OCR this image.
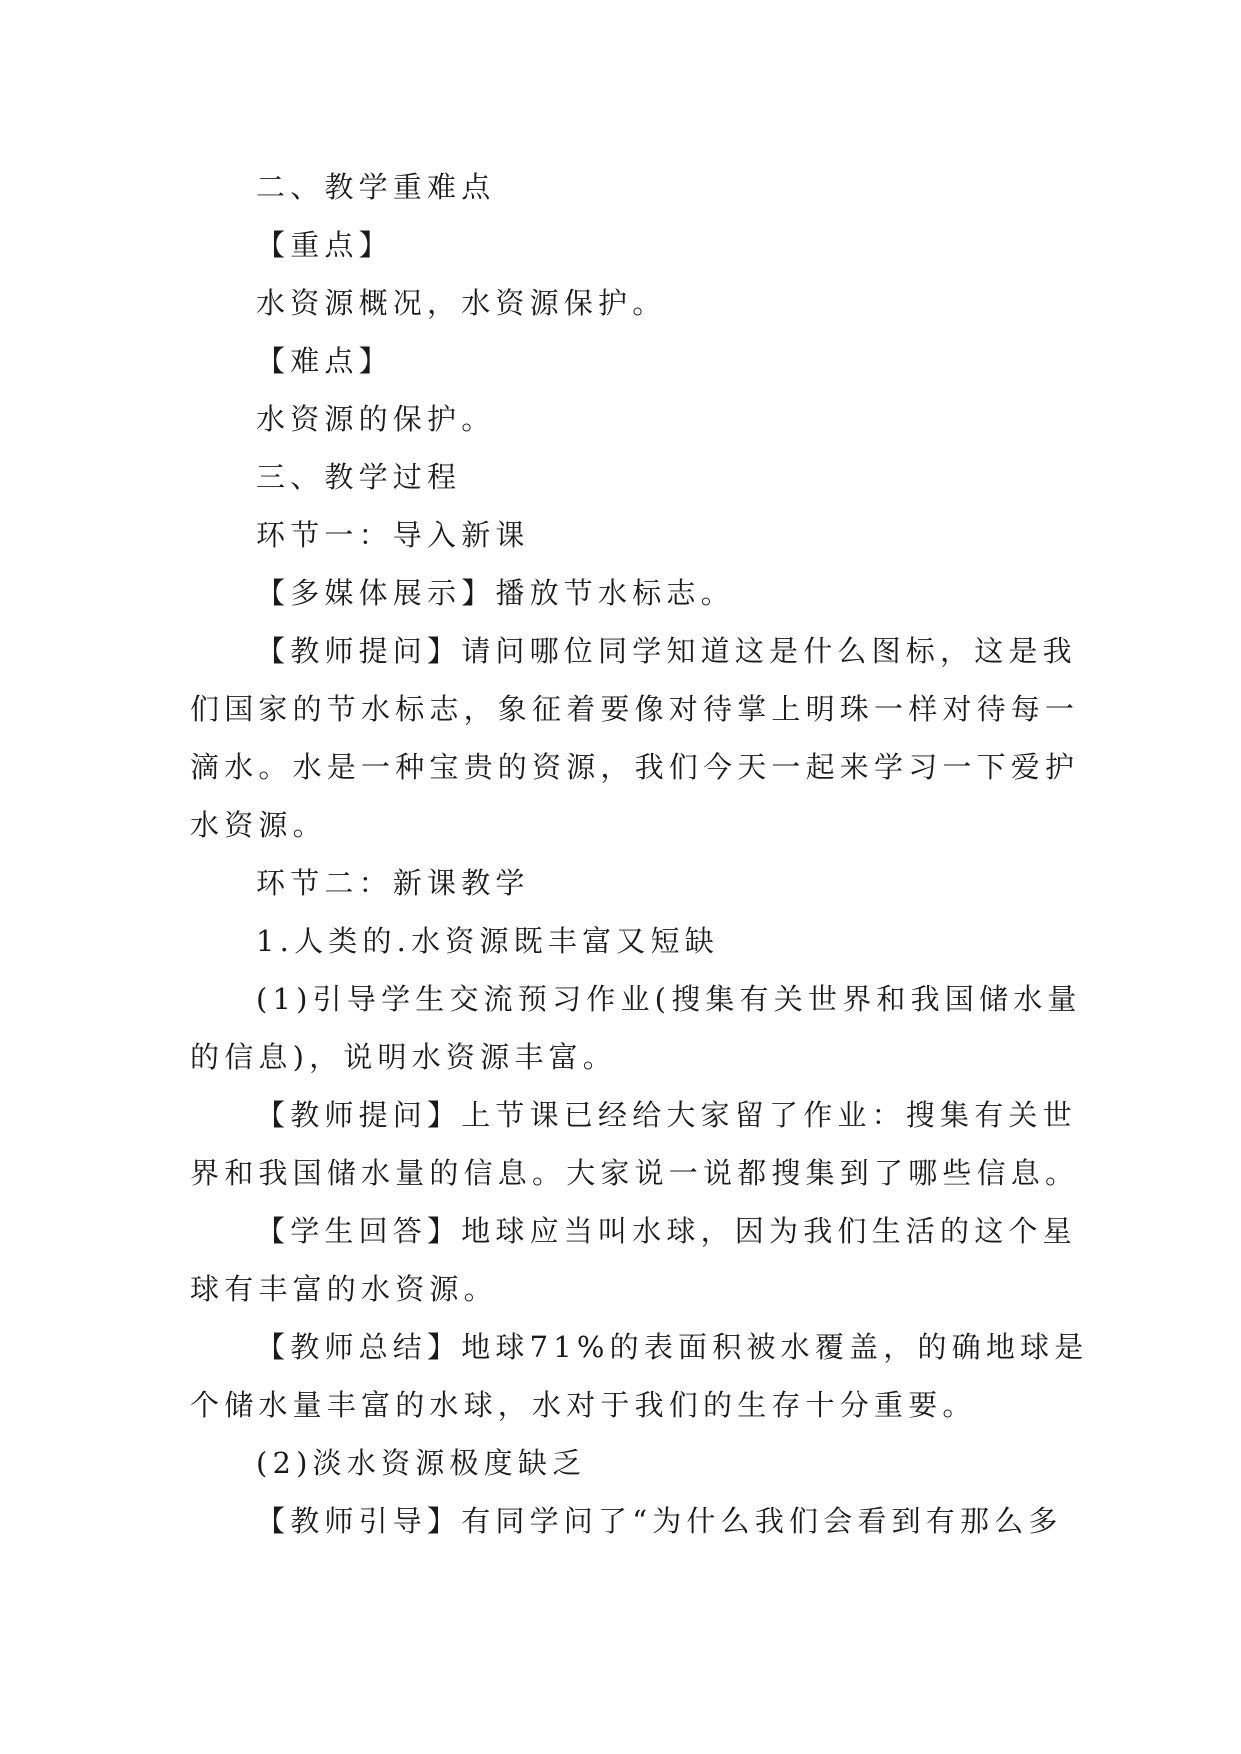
二、教学重难点
【重点】
水资源概况，水资源保护。
【难点】
水资源的保护。
三、教学过程
环节一：导入新课
【多媒体展示】播放节水标志。
【教师提问】请问哪位同学知道这是什么图标，这是我
们国家的节水标志，象征着要像对待掌上明珠一样对待每一
滴水。水是一种宝贵的资源，我们今天一起来学习一下爱护
水资源。
环节二：新课教学
1.人类的.水资源既丰富又短缺
(1)引导学生交流预习作业(搜集有关世界和我国储水量
的信息)，说明水资源丰富。
【教师提问】上节课已经给大家留了作业：搜集有关世
界和我国储水量的信息。大家说一说都搜集到了哪些信息。
【学生回答】地球应当叫水球，因为我们生活的这个星
球有丰富的水资源。
【教师总结】地球71%的表面积被水覆盖，的确地球是
个储水量丰富的水球，水对于我们的生存十分重要。
(2)淡水资源极度缺乏
【教师引导】有同学问了“为什么我们会看到有那么多
